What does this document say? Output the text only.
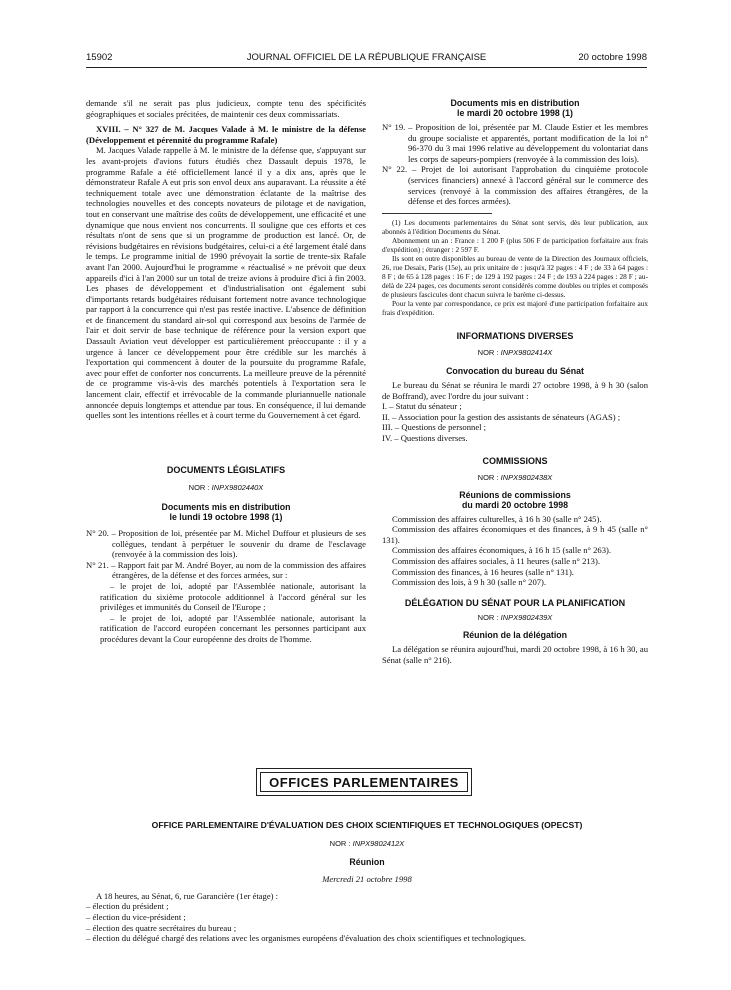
15902	JOURNAL OFFICIEL DE LA RÉPUBLIQUE FRANÇAISE	20 octobre 1998

demande s'il ne serait pas plus judicieux, compte tenu des spécificités géographiques et sociales précitées, de maintenir ces deux commissariats.

XVIII. – N° 327 de M. Jacques Valade à M. le ministre de la défense (Développement et pérennité du programme Rafale)

M. Jacques Valade rappelle à M. le ministre de la défense que, s'appuyant sur les avant-projets d'avions futurs étudiés chez Dassault depuis 1978, le programme Rafale a été officiellement lancé il y a dix ans, après que le démonstrateur Rafale A eut pris son envol deux ans auparavant. La réussite a été techniquement totale avec une démonstration éclatante de la maîtrise des technologies nouvelles et des concepts novateurs de pilotage et de navigation, tout en conservant une maîtrise des coûts de développement, une efficacité et une dynamique que nous envient nos concurrents. Il souligne que ces efforts et ces résultats n'ont de sens que si un programme de production est lancé. Or, de révisions budgétaires en révisions budgétaires, celui-ci a été largement étalé dans le temps. Le programme initial de 1990 prévoyait la sortie de trente-six Rafale avant l'an 2000. Aujourd'hui le programme « réactualisé » ne prévoit que deux appareils d'ici à l'an 2000 sur un total de treize avions à produire d'ici à fin 2003. Les phases de développement et d'industrialisation ont également subi d'importants retards budgétaires réduisant fortement notre avance technologique par rapport à la concurrence qui n'est pas restée inactive. L'absence de définition et de financement du standard air-sol qui correspond aux besoins de l'armée de l'air et doit servir de base technique de référence pour la version export que Dassault Aviation veut développer est particulièrement préoccupante : il y a urgence à lancer ce développement pour être crédible sur les marchés à l'exportation qui commencent à douter de la poursuite du programme Rafale, avec pour effet de conforter nos concurrents. La meilleure preuve de la pérennité de ce programme vis-à-vis des marchés potentiels à l'exportation sera le lancement clair, effectif et irrévocable de la commande pluriannuelle nationale annoncée depuis longtemps et attendue par tous. En conséquence, il lui demande quelles sont les intentions réelles et à court terme du Gouvernement à cet égard.

DOCUMENTS LÉGISLATIFS
NOR : INPX9802440X
Documents mis en distribution
le lundi 19 octobre 1998 (1)

N° 20. – Proposition de loi, présentée par M. Michel Duffour et plusieurs de ses collègues, tendant à perpétuer le souvenir du drame de l'esclavage (renvoyée à la commission des lois).

N° 21. – Rapport fait par M. André Boyer, au nom de la commission des affaires étrangères, de la défense et des forces armées, sur :

– le projet de loi, adopté par l'Assemblée nationale, autorisant la ratification du sixième protocole additionnel à l'accord général sur les privilèges et immunités du Conseil de l'Europe ;

– le projet de loi, adopté par l'Assemblée nationale, autorisant la ratification de l'accord européen concernant les personnes participant aux procédures devant la Cour européenne des droits de l'homme.

Documents mis en distribution
le mardi 20 octobre 1998 (1)

N° 19. – Proposition de loi, présentée par M. Claude Estier et les membres du groupe socialiste et apparentés, portant modification de la loi n° 96-370 du 3 mai 1996 relative au développement du volontariat dans les corps de sapeurs-pompiers (renvoyée à la commission des lois).

N° 22. – Projet de loi autorisant l'approbation du cinquième protocole (services financiers) annexé à l'accord général sur le commerce des services (renvoyé à la commission des affaires étrangères, de la défense et des forces armées).

(1) Les documents parlementaires du Sénat sont servis, dès leur publication, aux abonnés à l'édition Documents du Sénat.

Abonnement un an : France : 1 200 F (plus 506 F de participation forfaitaire aux frais d'expédition) ; étranger : 2 597 F.

Ils sont en outre disponibles au bureau de vente de la Direction des Journaux officiels, 26, rue Desaix, Paris (15e), au prix unitaire de : jusqu'à 32 pages : 4 F ; de 33 à 64 pages : 8 F ; de 65 à 128 pages : 16 F ; de 129 à 192 pages : 24 F ; de 193 à 224 pages : 28 F ; au-delà de 224 pages, ces documents seront considérés comme doubles ou triples et composés de plusieurs fascicules dont chacun suivra le barème ci-dessus.

Pour la vente par correspondance, ce prix est majoré d'une participation forfaitaire aux frais d'expédition.

INFORMATIONS DIVERSES
NOR : INPX9802414X
Convocation du bureau du Sénat

Le bureau du Sénat se réunira le mardi 27 octobre 1998, à 9 h 30 (salon de Boffrand), avec l'ordre du jour suivant :

I. – Statut du sénateur ;

II. – Association pour la gestion des assistants de sénateurs (AGAS) ;

III. – Questions de personnel ;

IV. – Questions diverses.

COMMISSIONS
NOR : INPX9802438X
Réunions de commissions
du mardi 20 octobre 1998

Commission des affaires culturelles, à 16 h 30 (salle n° 245).

Commission des affaires économiques et des finances, à 9 h 45 (salle n° 131).

Commission des affaires économiques, à 16 h 15 (salle n° 263).

Commission des affaires sociales, à 11 heures (salle n° 213).

Commission des finances, à 16 heures (salle n° 131).

Commission des lois, à 9 h 30 (salle n° 207).

DÉLÉGATION DU SÉNAT POUR LA PLANIFICATION
NOR : INPX9802439X
Réunion de la délégation

La délégation se réunira aujourd'hui, mardi 20 octobre 1998, à 16 h 30, au Sénat (salle n° 216).

OFFICES PARLEMENTAIRES
OFFICE PARLEMENTAIRE D'ÉVALUATION DES CHOIX SCIENTIFIQUES ET TECHNOLOGIQUES (OPECST)
NOR : INPX9802412X
Réunion
Mercredi 21 octobre 1998

A 18 heures, au Sénat, 6, rue Garancière (1er étage) :

– élection du président ;

– élection du vice-président ;

– élection des quatre secrétaires du bureau ;

– élection du délégué chargé des relations avec les organismes européens d'évaluation des choix scientifiques et technologiques.
